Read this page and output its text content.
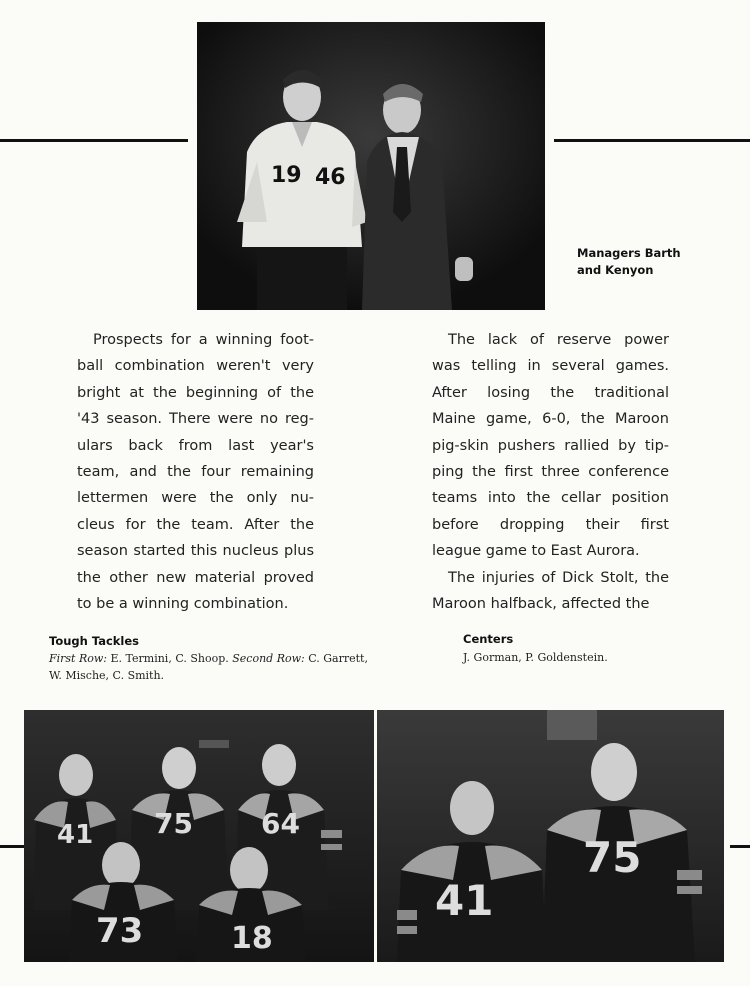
19 46
Managers Barth
and Kenyon

Prospects for a winning foot-

ball combination weren't very

bright at the beginning of the

'43 season. There were no reg-

ulars back from last year's

team, and the four remaining

lettermen were the only nu-

cleus for the team. After the

season started this nucleus plus

the other new material proved

to be a winning combination.

The lack of reserve power

was telling in several games.

After losing the traditional

Maine game, 6-0, the Maroon

pig-skin pushers rallied by tip-

ping the first three conference

teams into the cellar position

before dropping their first

league game to East Aurora.

The injuries of Dick Stolt, the

Maroon halfback, affected the

Tough Tackles
First Row: E. Termini, C. Shoop. Second Row: C. Garrett,
W. Mische, C. Smith.
Centers
J. Gorman, P. Goldenstein.
41 75 64
73	18
41
75
